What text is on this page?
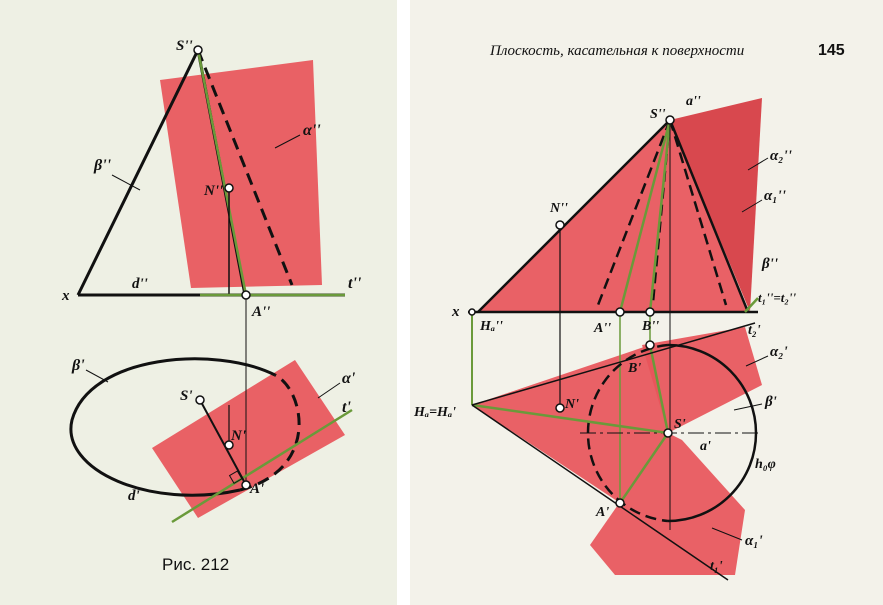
S''
α''
β''
N''
x
d''	t''
A''
β'
α'
S'
t'
N'
A'
d'
Рис. 212
Плоскость, касательная к поверхности	145
S''
a''
α₂''
α₁''
N''
x
Hₐ''	A'' B''
β''
t₁''=t₂''
t₂'
α₂'
B'
β'
Hₐ=Hₐ'
N'
S'
a'
h₀φ
A'
α₁'
t₁'
